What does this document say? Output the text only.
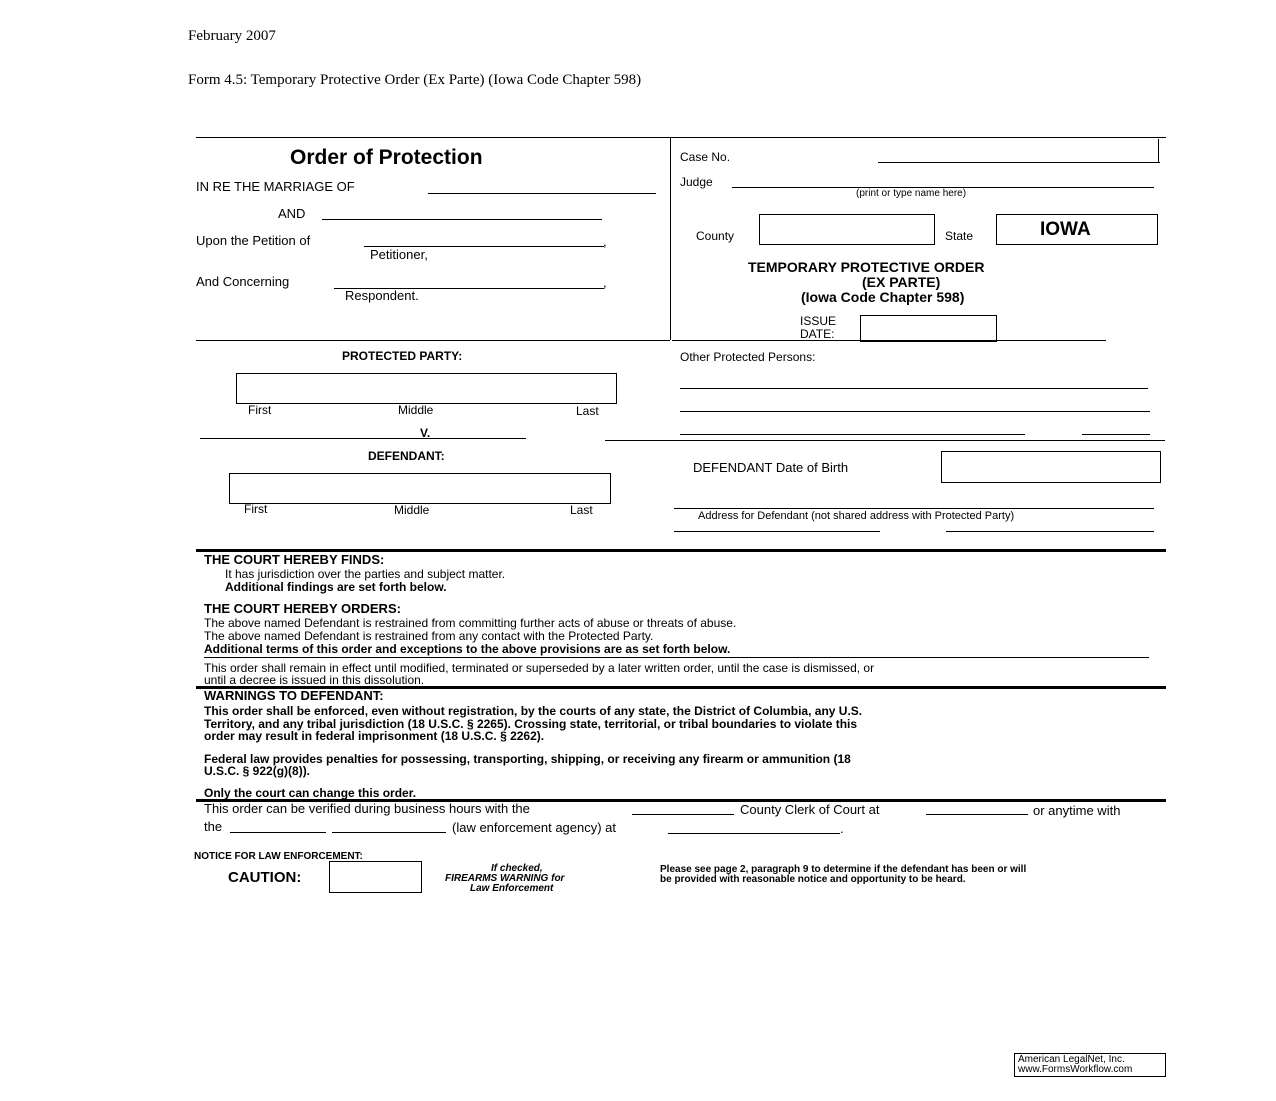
February 2007
Form 4.5: Temporary Protective Order (Ex Parte) (Iowa Code Chapter 598)
Order of Protection
IN RE THE MARRIAGE OF
AND
Upon the Petition of	,
Petitioner,
And Concerning	,
Respondent.
Case No.
Judge
(print or type name here)
County	State	IOWA
TEMPORARY PROTECTIVE ORDER
(EX PARTE)
(Iowa Code Chapter 598)
ISSUE
DATE:
PROTECTED PARTY:
First	Middle	Last
V.
Other Protected Persons:
DEFENDANT:
First	Middle	Last
DEFENDANT Date of Birth
Address for Defendant (not shared address with Protected Party)
THE COURT HEREBY FINDS:
It has jurisdiction over the parties and subject matter.
Additional findings are set forth below.
THE COURT HEREBY ORDERS:
The above named Defendant is restrained from committing further acts of abuse or threats of abuse.
The above named Defendant is restrained from any contact with the Protected Party.
Additional terms of this order and exceptions to the above provisions are as set forth below.
This order shall remain in effect until modified, terminated or superseded by a later written order, until the case is dismissed, or
until a decree is issued in this dissolution.
WARNINGS TO DEFENDANT:
This order shall be enforced, even without registration, by the courts of any state, the District of Columbia, any U.S.
Territory, and any tribal jurisdiction (18 U.S.C. § 2265). Crossing state, territorial, or tribal boundaries to violate this
order may result in federal imprisonment (18 U.S.C. § 2262).
Federal law provides penalties for possessing, transporting, shipping, or receiving any firearm or ammunition (18
U.S.C. § 922(g)(8)).
Only the court can change this order.
This order can be verified during business hours with the	County Clerk of Court at	or anytime with
the	(law enforcement agency) at	.
NOTICE FOR LAW ENFORCEMENT:
CAUTION:
If checked,
FIREARMS WARNING for
Law Enforcement
Please see page 2, paragraph 9 to determine if the defendant has been or will
be provided with reasonable notice and opportunity to be heard.
American LegalNet, Inc.
www.FormsWorkflow.com
